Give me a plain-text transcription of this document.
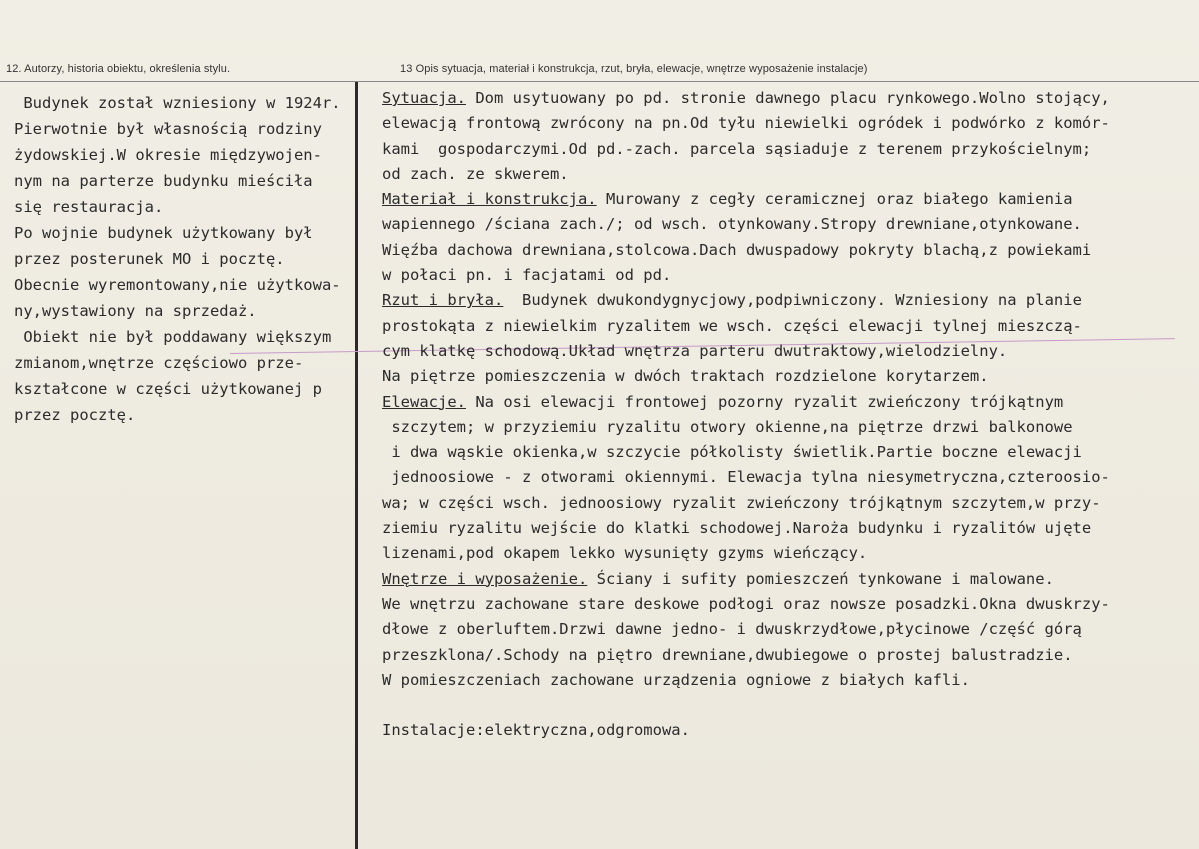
12. Autorzy, historia obiektu, określenia stylu.	13 Opis sytuacja, materiał i konstrukcja, rzut, bryła, elewacje, wnętrze wyposażenie instalacje)
Budynek został wzniesiony w 1924r.
Pierwotnie był własnością rodziny
żydowskiej.W okresie międzywojen-
nym na parterze budynku mieściła
się restauracja.
Po wojnie budynek użytkowany był
przez posterunek MO i pocztę.
Obecnie wyremontowany,nie użytkowa-
ny,wystawiony na sprzedaż.
Obiekt nie był poddawany większym
zmianom,wnętrze częściowo prze-
kształcone w części użytkowanej p
przez pocztę.
Sytuacja. Dom usytuowany po pd. stronie dawnego placu rynkowego.Wolno stojący,
elewacją frontową zwrócony na pn.Od tyłu niewielki ogródek i podwórko z komór-
kami  gospodarczymi.Od pd.-zach. parcela sąsiaduje z terenem przykościelnym;
od zach. ze skwerem.
Materiał i konstrukcja. Murowany z cegły ceramicznej oraz białego kamienia
wapiennego /ściana zach./; od wsch. otynkowany.Stropy drewniane,otynkowane.
Więźba dachowa drewniana,stolcowa.Dach dwuspadowy pokryty blachą,z powiekami
w połaci pn. i facjatami od pd.
Rzut i bryła.  Budynek dwukondygnycjowy,podpiwniczony. Wzniesiony na planie
prostokąta z niewielkim ryzalitem we wsch. części elewacji tylnej mieszczą-
cym klatkę schodową.Układ wnętrza parteru dwutraktowy,wielodzielny.
Na piętrze pomieszczenia w dwóch traktach rozdzielone korytarzem.
Elewacje. Na osi elewacji frontowej pozorny ryzalit zwieńczony trójkątnym
szczytem; w przyziemiu ryzalitu otwory okienne,na piętrze drzwi balkonowe
i dwa wąskie okienka,w szczycie półkolisty świetlik.Partie boczne elewacji
jednoosiowe - z otworami okiennymi. Elewacja tylna niesymetryczna,czteroosio-
wa; w części wsch. jednoosiowy ryzalit zwieńczony trójkątnym szczytem,w przy-
ziemiu ryzalitu wejście do klatki schodowej.Naroża budynku i ryzalitów ujęte
lizenami,pod okapem lekko wysunięty gzyms wieńczący.
Wnętrze i wyposażenie. Ściany i sufity pomieszczeń tynkowane i malowane.
We wnętrzu zachowane stare deskowe podłogi oraz nowsze posadzki.Okna dwuskrzy-
dłowe z oberluftem.Drzwi dawne jedno- i dwuskrzydłowe,płycinowe /część górą
przeszklona/.Schody na piętro drewniane,dwubiegowe o prostej balustradzie.
W pomieszczeniach zachowane urządzenia ogniowe z białych kafli.
Instalacje:elektryczna,odgromowa.
